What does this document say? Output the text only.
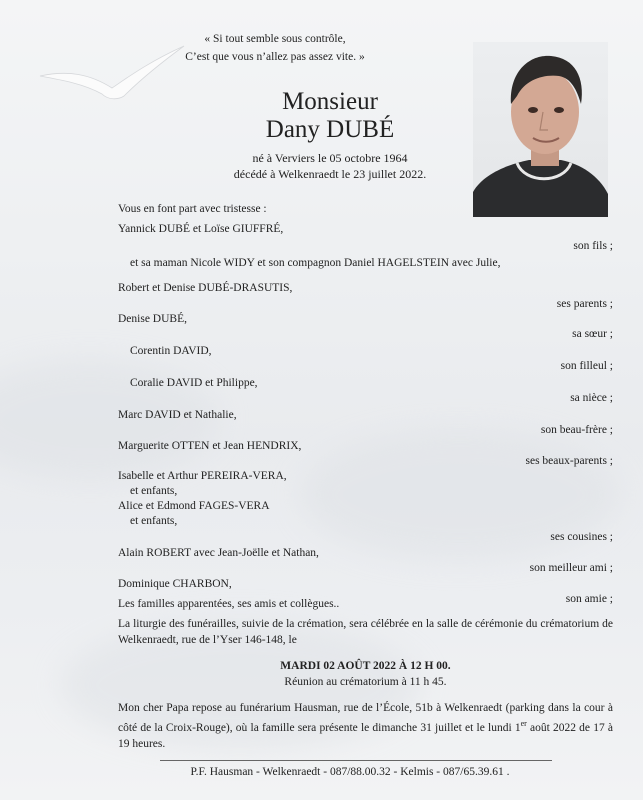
« Si tout semble sous contrôle,
C’est que vous n’allez pas assez vite. »
Monsieur
Dany DUBÉ
né à Verviers le 05 octobre 1964
décédé à Welkenraedt le 23 juillet 2022.
Vous en font part avec tristesse :
Yannick DUBÉ et Loïse GIUFFRÉ,
son fils ;
et sa maman Nicole WIDY et son compagnon Daniel HAGELSTEIN avec Julie,
Robert et Denise DUBÉ-DRASUTIS,
ses parents ;
Denise DUBÉ,
sa sœur ;
Corentin DAVID,
son filleul ;
Coralie DAVID et Philippe,
sa nièce ;
Marc DAVID et Nathalie,
son beau-frère ;
Marguerite OTTEN et Jean HENDRIX,
ses beaux-parents ;
Isabelle et Arthur PEREIRA-VERA,
et enfants,
Alice et Edmond FAGES-VERA
et enfants,
ses cousines ;
Alain ROBERT avec Jean-Joëlle et Nathan,
son meilleur ami ;
Dominique CHARBON,
son amie ;
Les familles apparentées, ses amis et collègues..
La liturgie des funérailles, suivie de la crémation, sera célébrée en la salle de cérémonie du crématorium de Welkenraedt, rue de l’Yser 146-148, le
MARDI 02 AOÛT 2022 À 12 H 00.
Réunion au crématorium à 11 h 45.
Mon cher Papa repose au funérarium Hausman, rue de l’École, 51b à Welkenraedt (parking dans la cour à côté de la Croix-Rouge), où la famille sera présente le dimanche 31 juillet et le lundi 1er août 2022 de 17 à 19 heures.
P.F. Hausman - Welkenraedt - 087/88.00.32 - Kelmis - 087/65.39.61 .
